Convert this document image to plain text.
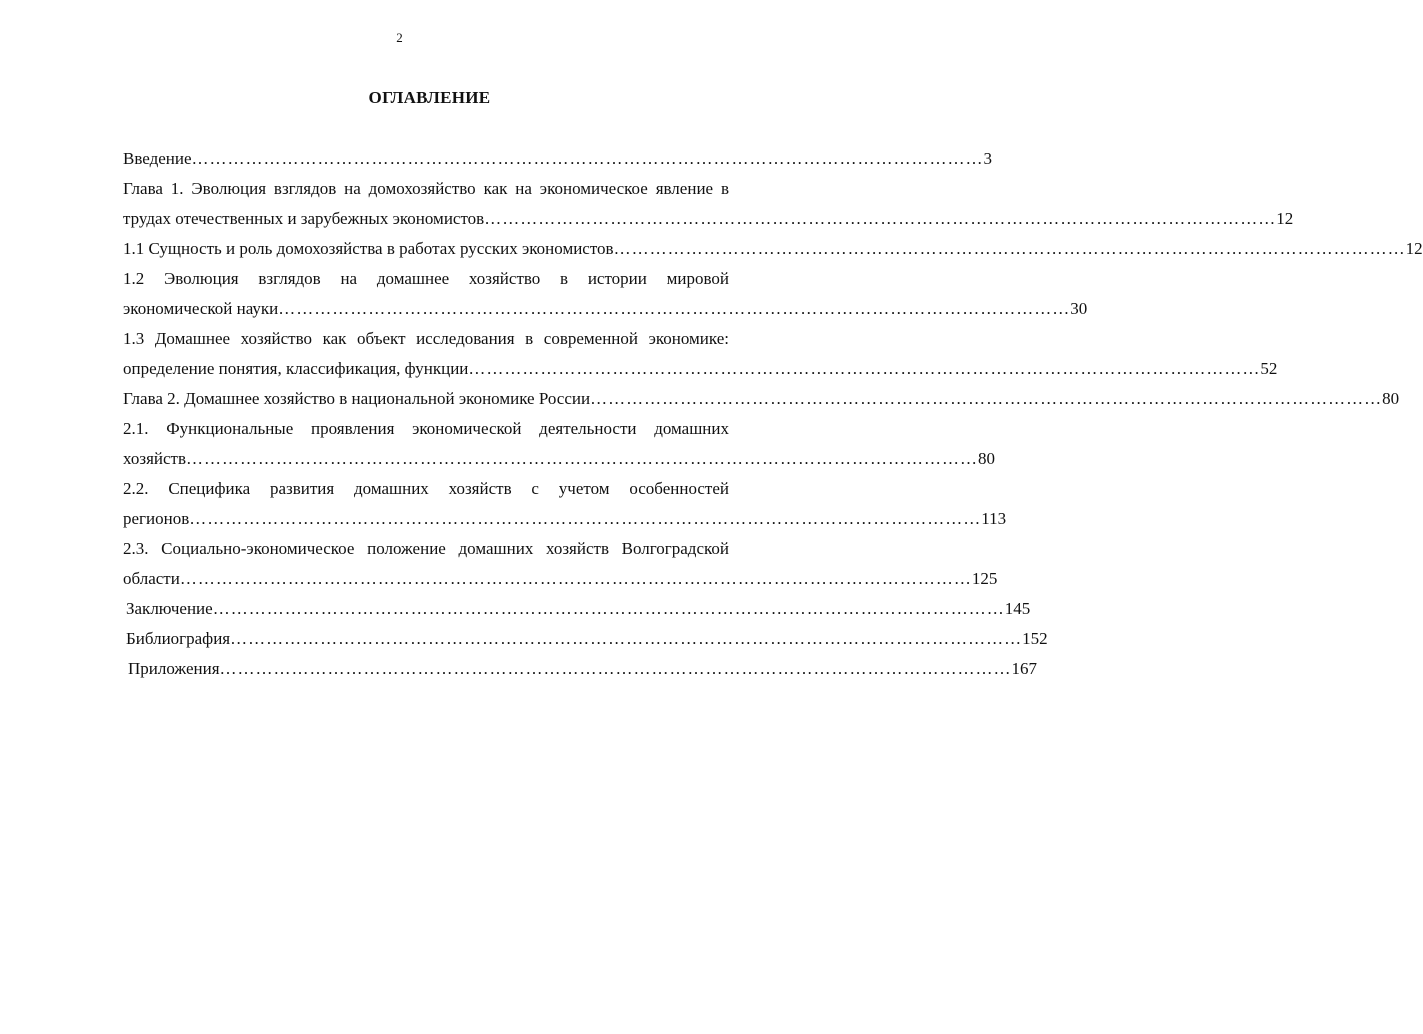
2
ОГЛАВЛЕНИЕ
Введение …………………………………………………………………………………………………………………… 3
Глава 1. Эволюция взглядов на домохозяйство как на экономическое явление в
трудах отечественных и зарубежных экономистов …………………………………………………………………………………………………………………… 12
1.1 Сущность и роль домохозяйства в работах русских экономистов …………………………………………………………………………………………………………………… 12
1.2 Эволюция взглядов на домашнее хозяйство в истории мировой
экономической науки …………………………………………………………………………………………………………………… 30
1.3 Домашнее хозяйство как объект исследования в современной экономике:
определение понятия, классификация, функции …………………………………………………………………………………………………………………… 52
Глава 2. Домашнее хозяйство в национальной экономике России …………………………………………………………………………………………………………………… 80
2.1. Функциональные проявления экономической деятельности домашних
хозяйств …………………………………………………………………………………………………………………… 80
2.2. Специфика развития домашних хозяйств с учетом особенностей
регионов …………………………………………………………………………………………………………………… 113
2.3. Социально-экономическое положение домашних хозяйств Волгоградской
области …………………………………………………………………………………………………………………… 125
Заключение …………………………………………………………………………………………………………………… 145
Библиография …………………………………………………………………………………………………………………… 152
Приложения …………………………………………………………………………………………………………………… 167
